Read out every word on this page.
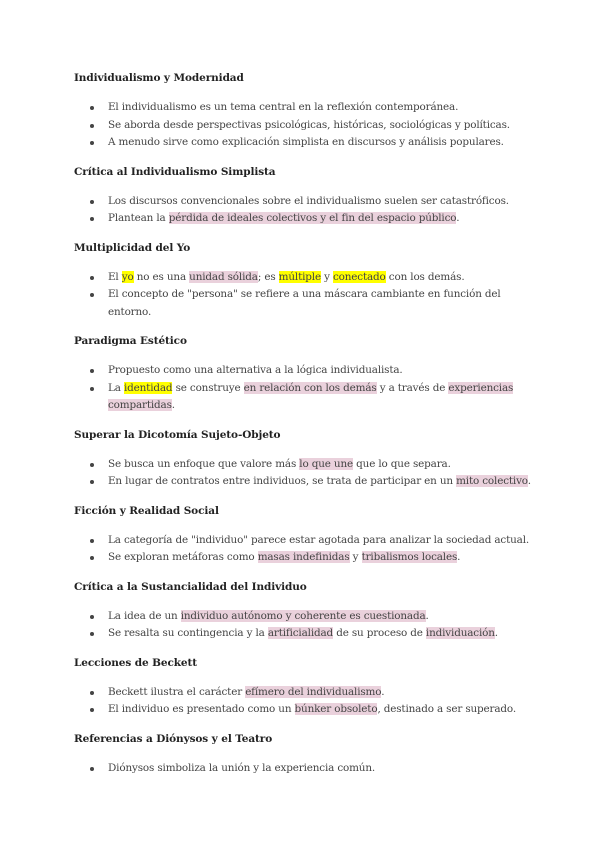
Individualismo y Modernidad
El individualismo es un tema central en la reflexión contemporánea.
Se aborda desde perspectivas psicológicas, históricas, sociológicas y políticas.
A menudo sirve como explicación simplista en discursos y análisis populares.
Crítica al Individualismo Simplista
Los discursos convencionales sobre el individualismo suelen ser catastróficos.
Plantean la pérdida de ideales colectivos y el fin del espacio público.
Multiplicidad del Yo
El yo no es una unidad sólida; es múltiple y conectado con los demás.
El concepto de "persona" se refiere a una máscara cambiante en función del entorno.
Paradigma Estético
Propuesto como una alternativa a la lógica individualista.
La identidad se construye en relación con los demás y a través de experiencias compartidas.
Superar la Dicotomía Sujeto-Objeto
Se busca un enfoque que valore más lo que une que lo que separa.
En lugar de contratos entre individuos, se trata de participar en un mito colectivo.
Ficción y Realidad Social
La categoría de "individuo" parece estar agotada para analizar la sociedad actual.
Se exploran metáforas como masas indefinidas y tribalismos locales.
Crítica a la Sustancialidad del Individuo
La idea de un individuo autónomo y coherente es cuestionada.
Se resalta su contingencia y la artificialidad de su proceso de individuación.
Lecciones de Beckett
Beckett ilustra el carácter efímero del individualismo.
El individuo es presentado como un búnker obsoleto, destinado a ser superado.
Referencias a Diónysos y el Teatro
Diónysos simboliza la unión y la experiencia común.
